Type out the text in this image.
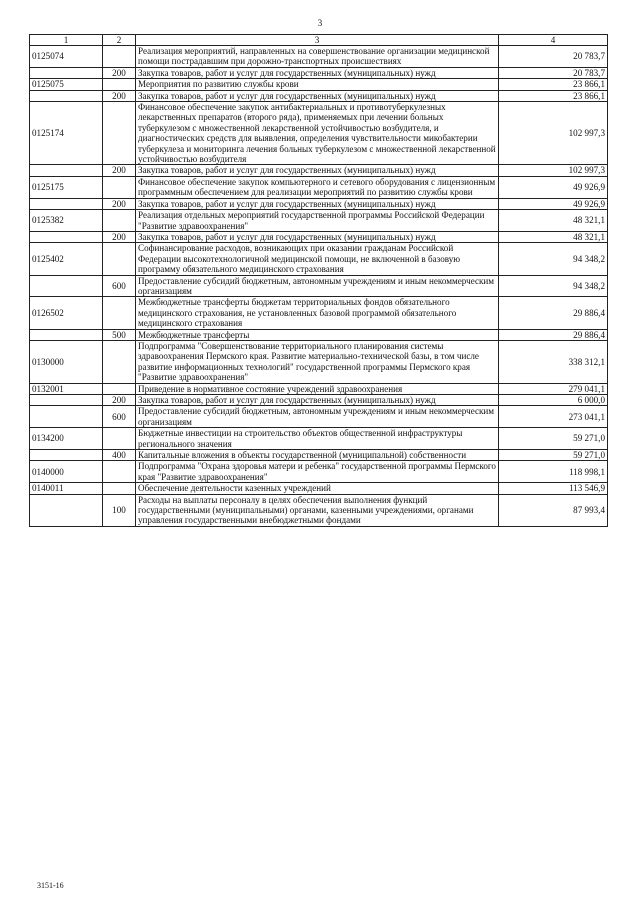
3
1	2	3	4
0125074		Реализация мероприятий, направленных на совершенствование организации медицинской помощи пострадавшим при дорожно-транспортных происшествиях	20 783,7
	200	Закупка товаров, работ и услуг для государственных (муниципальных) нужд	20 783,7
0125075		Мероприятия по развитию службы крови	23 866,1
	200	Закупка товаров, работ и услуг для государственных (муниципальных) нужд	23 866,1
0125174		Финансовое обеспечение закупок антибактериальных и противотуберкулезных лекарственных препаратов (второго ряда), применяемых при лечении больных туберкулезом с множественной лекарственной устойчивостью возбудителя, и диагностических средств для выявления, определения чувствительности микобактерии туберкулеза и мониторинга лечения больных туберкулезом с множественной лекарственной устойчивостью возбудителя	102 997,3
	200	Закупка товаров, работ и услуг для государственных (муниципальных) нужд	102 997,3
0125175		Финансовое обеспечение закупок компьютерного и сетевого оборудования с лицензионным программным обеспечением для реализации мероприятий по развитию службы крови	49 926,9
	200	Закупка товаров, работ и услуг для государственных (муниципальных) нужд	49 926,9
0125382		Реализация отдельных мероприятий государственной программы Российской Федерации "Развитие здравоохранения"	48 321,1
	200	Закупка товаров, работ и услуг для государственных (муниципальных) нужд	48 321,1
0125402		Софинансирование расходов, возникающих при оказании гражданам Российской Федерации высокотехнологичной медицинской помощи, не включенной в базовую программу обязательного медицинского страхования	94 348,2
	600	Предоставление субсидий бюджетным, автономным учреждениям и иным некоммерческим организациям	94 348,2
0126502		Межбюджетные трансферты бюджетам территориальных фондов обязательного медицинского страхования, не установленных базовой программой обязательного медицинского страхования	29 886,4
	500	Межбюджетные трансферты	29 886,4
0130000		Подпрограмма "Совершенствование территориального планирования системы здравоохранения Пермского края. Развитие материально-технической базы, в том числе развитие информационных технологий" государственной программы Пермского края "Развитие здравоохранения"	338 312,1
0132001		Приведение в нормативное состояние учреждений здравоохранения	279 041,1
	200	Закупка товаров, работ и услуг для государственных (муниципальных) нужд	6 000,0
	600	Предоставление субсидий бюджетным, автономным учреждениям и иным некоммерческим организациям	273 041,1
0134200		Бюджетные инвестиции на строительство объектов общественной инфраструктуры регионального значения	59 271,0
	400	Капитальные вложения в объекты государственной (муниципальной) собственности	59 271,0
0140000		Подпрограмма "Охрана здоровья матери и ребенка" государственной программы Пермского края "Развитие здравоохранения"	118 998,1
0140011		Обеспечение деятельности казенных учреждений	113 546,9
	100	Расходы на выплаты персоналу в целях обеспечения выполнения функций государственными (муниципальными) органами, казенными учреждениями, органами управления государственными внебюджетными фондами	87 993,4
3151-16
